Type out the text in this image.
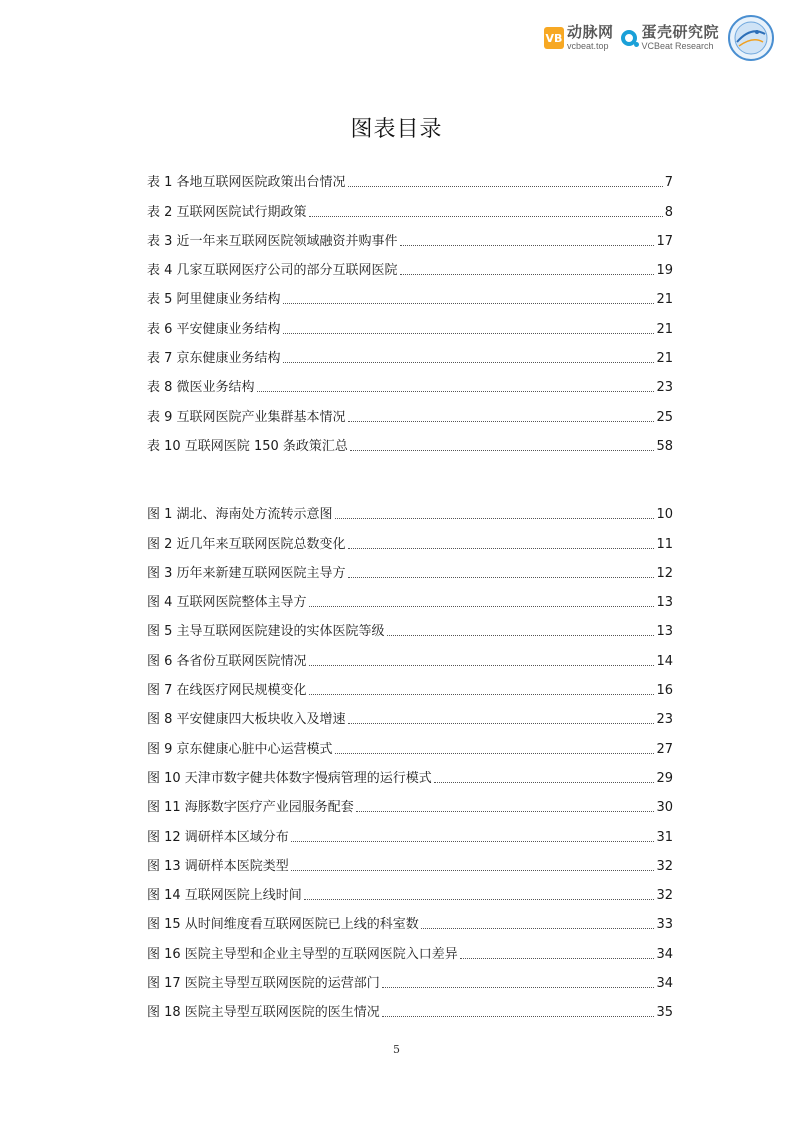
VB 动脉网
vcbeat.top
蛋壳研究院
VCBeat Research
图表目录
表 1 各地互联网医院政策出台情况	7
表 2 互联网医院试行期政策	8
表 3 近一年来互联网医院领域融资并购事件	17
表 4 几家互联网医疗公司的部分互联网医院	19
表 5 阿里健康业务结构	21
表 6 平安健康业务结构	21
表 7 京东健康业务结构	21
表 8 微医业务结构	23
表 9 互联网医院产业集群基本情况	25
表 10 互联网医院 150 条政策汇总	58
图 1 湖北、海南处方流转示意图	10
图 2 近几年来互联网医院总数变化	11
图 3 历年来新建互联网医院主导方	12
图 4 互联网医院整体主导方	13
图 5 主导互联网医院建设的实体医院等级	13
图 6 各省份互联网医院情况	14
图 7 在线医疗网民规模变化	16
图 8 平安健康四大板块收入及增速	23
图 9 京东健康心脏中心运营模式	27
图 10 天津市数字健共体数字慢病管理的运行模式	29
图 11 海豚数字医疗产业园服务配套	30
图 12 调研样本区域分布	31
图 13 调研样本医院类型	32
图 14 互联网医院上线时间	32
图 15 从时间维度看互联网医院已上线的科室数	33
图 16 医院主导型和企业主导型的互联网医院入口差异	34
图 17 医院主导型互联网医院的运营部门	34
图 18 医院主导型互联网医院的医生情况	35
5
